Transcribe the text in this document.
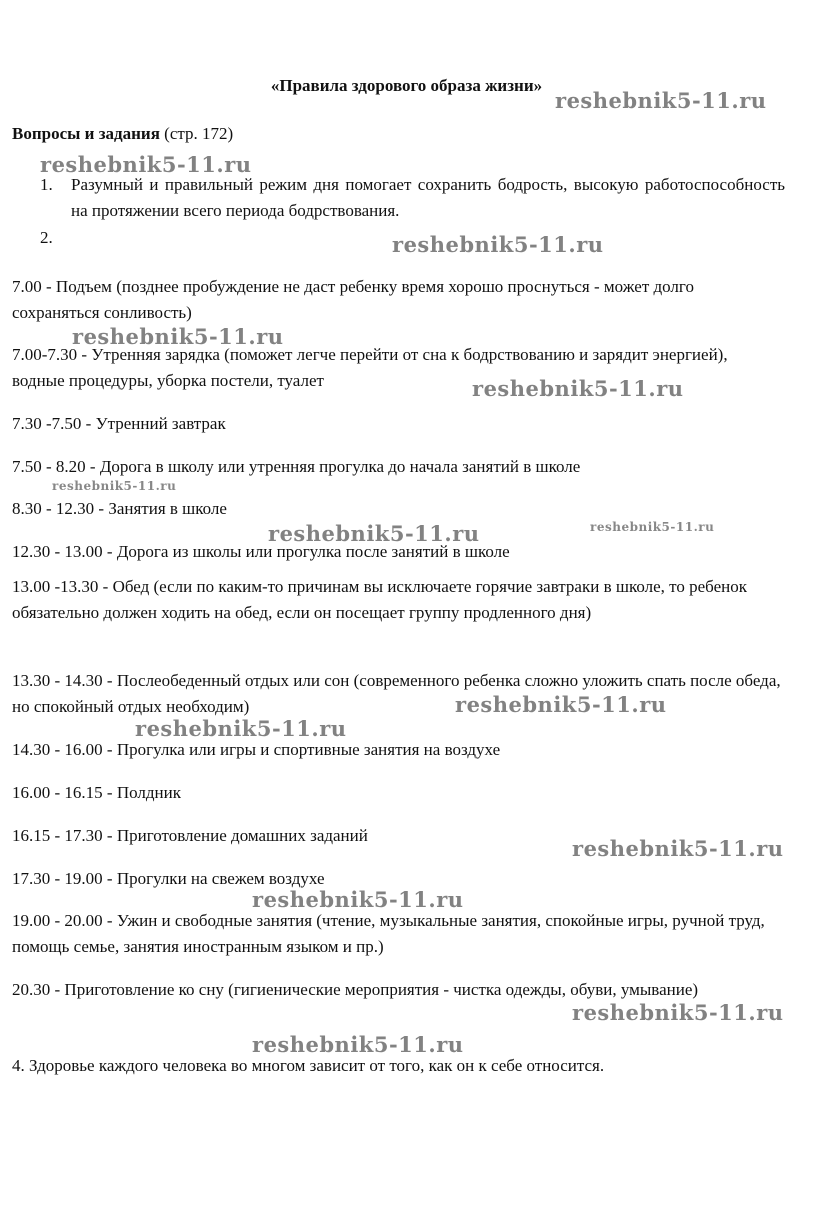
«Правила здорового образа жизни»
Вопросы и задания (стр. 172)
1.	Разумный и правильный режим дня помогает сохранить бодрость, высокую работоспособность на протяжении всего периода бодрствования.
2.
7.00 - Подъем (позднее пробуждение не даст ребенку время хорошо проснуться - может долго сохраняться сонливость)
7.00-7.30 - Утренняя зарядка (поможет легче перейти от сна к бодрствованию и зарядит энергией), водные процедуры, уборка постели, туалет
7.30 -7.50 - Утренний завтрак
7.50 - 8.20 - Дорога в школу или утренняя прогулка до начала занятий в школе
8.30 - 12.30 - Занятия в школе
12.30 - 13.00 - Дорога из школы или прогулка после занятий в школе
13.00 -13.30 - Обед (если по каким-то причинам вы исключаете горячие завтраки в школе, то ребенок обязательно должен ходить на обед, если он посещает группу продленного дня)
13.30 - 14.30 - Послеобеденный отдых или сон (современного ребенка сложно уложить спать после обеда, но спокойный отдых необходим)
14.30 - 16.00 - Прогулка или игры и спортивные занятия на воздухе
16.00 - 16.15 - Полдник
16.15 - 17.30 - Приготовление домашних заданий
17.30 - 19.00 - Прогулки на свежем воздухе
19.00 - 20.00 - Ужин и свободные занятия (чтение, музыкальные занятия, спокойные игры, ручной труд, помощь семье, занятия иностранным языком и пр.)
20.30 - Приготовление ко сну (гигиенические мероприятия - чистка одежды, обуви, умывание)
4. Здоровье каждого человека во многом зависит от того, как он к себе относится.
reshebnik5-11.ru
reshebnik5-11.ru
reshebnik5-11.ru
reshebnik5-11.ru
reshebnik5-11.ru
reshebnik5-11.ru
reshebnik5-11.ru	reshebnik5-11.ru
reshebnik5-11.ru
reshebnik5-11.ru
reshebnik5-11.ru
reshebnik5-11.ru
reshebnik5-11.ru
reshebnik5-11.ru
